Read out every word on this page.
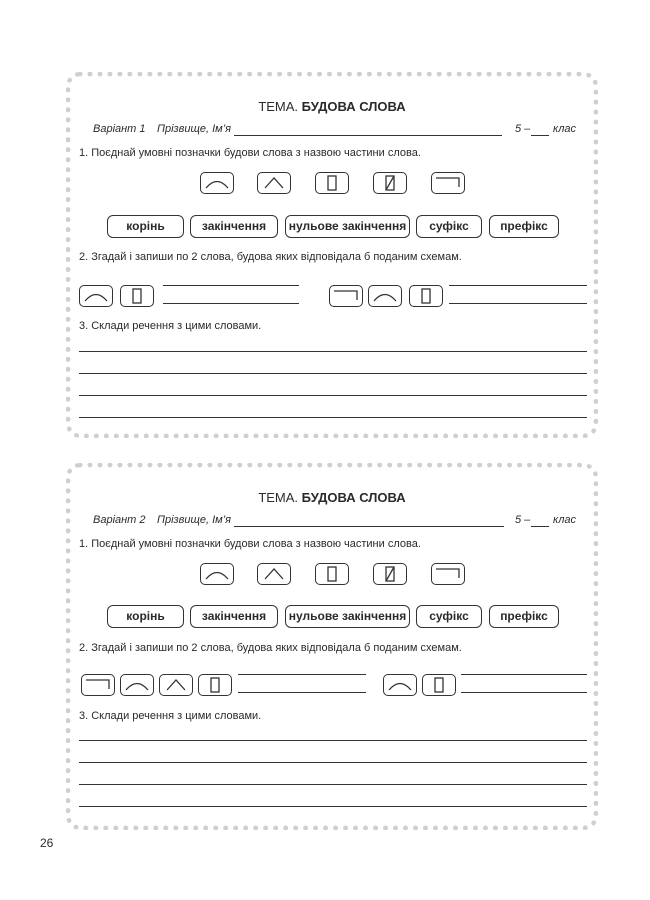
ТЕМА. БУДОВА СЛОВА
Варіант 1 Прізвище, Ім’я	5 – клас
1. Поєднай умовні позначки будови слова з назвою частини слова.
корінь	закінчення	нульове закінчення	суфікс	префікс
2. Згадай і запиши по 2 слова, будова яких відповідала б поданим схемам.
3. Склади речення з цими словами.
ТЕМА. БУДОВА СЛОВА
Варіант 2 Прізвище, Ім’я	5 – клас
1. Поєднай умовні позначки будови слова з назвою частини слова.
корінь	закінчення	нульове закінчення	суфікс	префікс
2. Згадай і запиши по 2 слова, будова яких відповідала б поданим схемам.
3. Склади речення з цими словами.
26
